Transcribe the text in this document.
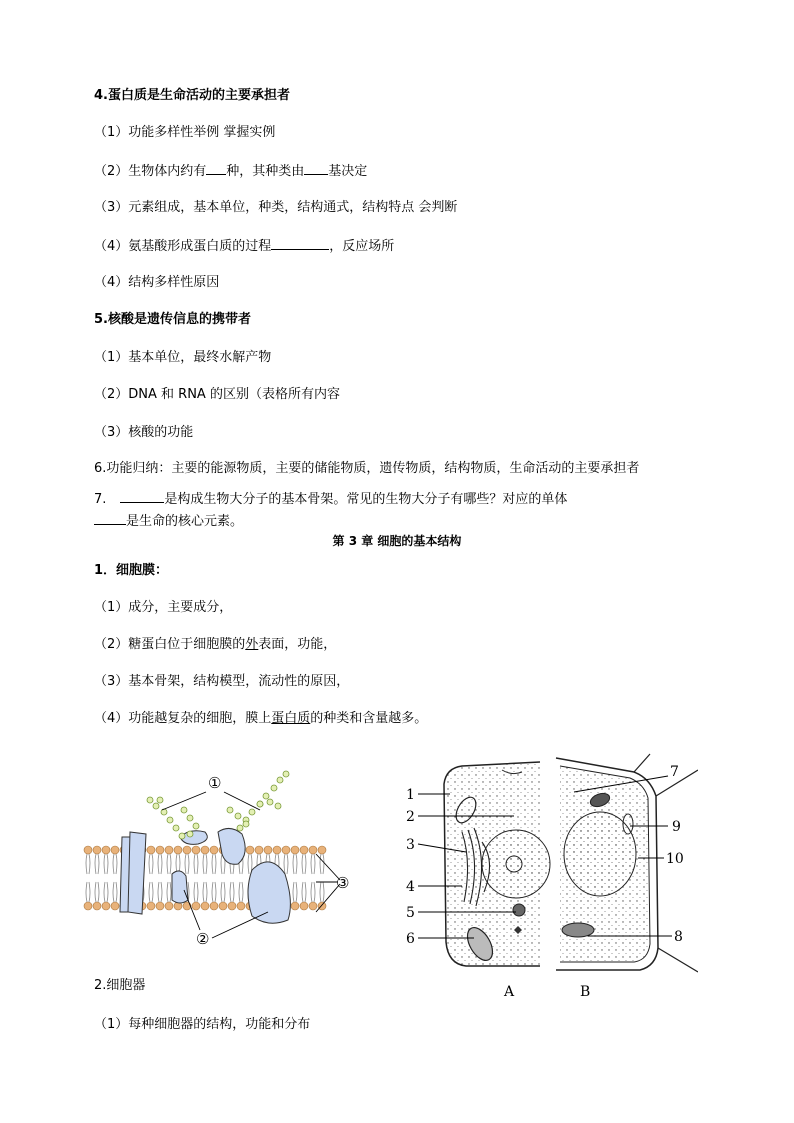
4.蛋白质是生命活动的主要承担者
（1）功能多样性举例 掌握实例
（2）生物体内约有 种，其种类由 基决定
（3）元素组成，基本单位，种类，结构通式，结构特点 会判断
（4）氨基酸形成蛋白质的过程	，反应场所
（4）结构多样性原因
5.核酸是遗传信息的携带者
（1）基本单位，最终水解产物
（2）DNA 和 RNA 的区别（表格所有内容
（3）核酸的功能
6.功能归纳：主要的能源物质，主要的储能物质，遗传物质，结构物质，生命活动的主要承担者
7.	是构成生物大分子的基本骨架。常见的生物大分子有哪些？对应的单体
是生命的核心元素。
第 3 章 细胞的基本结构
1．细胞膜：
（1）成分，主要成分，
（2）糖蛋白位于细胞膜的外表面，功能，
（3）基本骨架，结构模型，流动性的原因，
（4）功能越复杂的细胞，膜上蛋白质的种类和含量越多。
①
②
③
1
2
3
4
5
6
7
9
10
8
A	B
2.细胞器
（1）每种细胞器的结构，功能和分布
